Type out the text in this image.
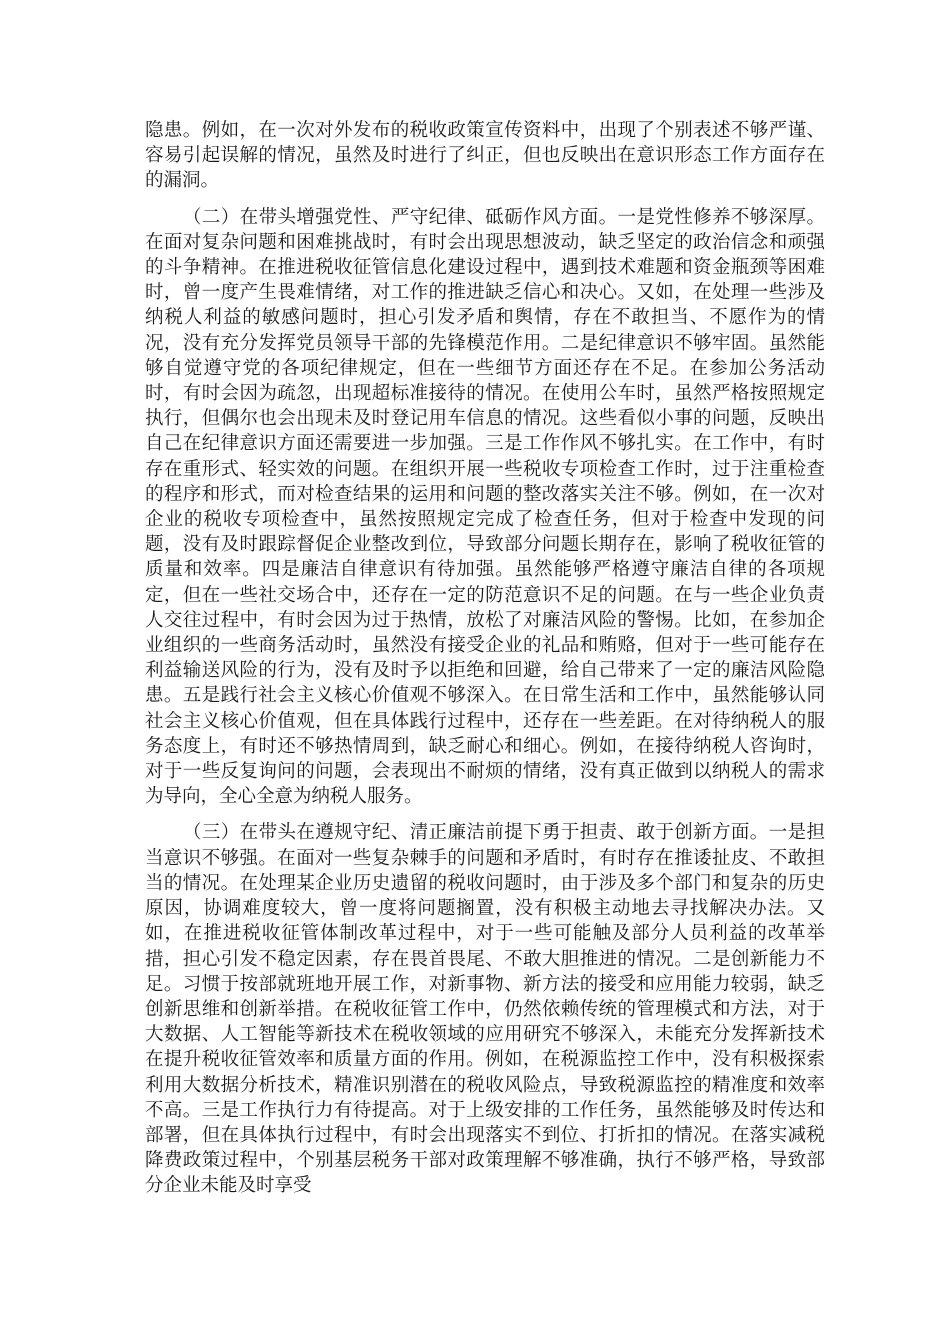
隐患。例如，在一次对外发布的税收政策宣传资料中，出现了个别表述不够严谨、容易引起误解的情况，虽然及时进行了纠正，但也反映出在意识形态工作方面存在的漏洞。

（二）在带头增强党性、严守纪律、砥砺作风方面。一是党性修养不够深厚。在面对复杂问题和困难挑战时，有时会出现思想波动，缺乏坚定的政治信念和顽强的斗争精神。在推进税收征管信息化建设过程中，遇到技术难题和资金瓶颈等困难时，曾一度产生畏难情绪，对工作的推进缺乏信心和决心。又如，在处理一些涉及纳税人利益的敏感问题时，担心引发矛盾和舆情，存在不敢担当、不愿作为的情况，没有充分发挥党员领导干部的先锋模范作用。二是纪律意识不够牢固。虽然能够自觉遵守党的各项纪律规定，但在一些细节方面还存在不足。在参加公务活动时，有时会因为疏忽，出现超标准接待的情况。在使用公车时，虽然严格按照规定执行，但偶尔也会出现未及时登记用车信息的情况。这些看似小事的问题，反映出自己在纪律意识方面还需要进一步加强。三是工作作风不够扎实。在工作中，有时存在重形式、轻实效的问题。在组织开展一些税收专项检查工作时，过于注重检查的程序和形式，而对检查结果的运用和问题的整改落实关注不够。例如，在一次对企业的税收专项检查中，虽然按照规定完成了检查任务，但对于检查中发现的问题，没有及时跟踪督促企业整改到位，导致部分问题长期存在，影响了税收征管的质量和效率。四是廉洁自律意识有待加强。虽然能够严格遵守廉洁自律的各项规定，但在一些社交场合中，还存在一定的防范意识不足的问题。在与一些企业负责人交往过程中，有时会因为过于热情，放松了对廉洁风险的警惕。比如，在参加企业组织的一些商务活动时，虽然没有接受企业的礼品和贿赂，但对于一些可能存在利益输送风险的行为，没有及时予以拒绝和回避，给自己带来了一定的廉洁风险隐患。五是践行社会主义核心价值观不够深入。在日常生活和工作中，虽然能够认同社会主义核心价值观，但在具体践行过程中，还存在一些差距。在对待纳税人的服务态度上，有时还不够热情周到，缺乏耐心和细心。例如，在接待纳税人咨询时，对于一些反复询问的问题，会表现出不耐烦的情绪，没有真正做到以纳税人的需求为导向，全心全意为纳税人服务。

（三）在带头在遵规守纪、清正廉洁前提下勇于担责、敢于创新方面。一是担当意识不够强。在面对一些复杂棘手的问题和矛盾时，有时存在推诿扯皮、不敢担当的情况。在处理某企业历史遗留的税收问题时，由于涉及多个部门和复杂的历史原因，协调难度较大，曾一度将问题搁置，没有积极主动地去寻找解决办法。又如，在推进税收征管体制改革过程中，对于一些可能触及部分人员利益的改革举措，担心引发不稳定因素，存在畏首畏尾、不敢大胆推进的情况。二是创新能力不足。习惯于按部就班地开展工作，对新事物、新方法的接受和应用能力较弱，缺乏创新思维和创新举措。在税收征管工作中，仍然依赖传统的管理模式和方法，对于大数据、人工智能等新技术在税收领域的应用研究不够深入，未能充分发挥新技术在提升税收征管效率和质量方面的作用。例如，在税源监控工作中，没有积极探索利用大数据分析技术，精准识别潜在的税收风险点，导致税源监控的精准度和效率不高。三是工作执行力有待提高。对于上级安排的工作任务，虽然能够及时传达和部署，但在具体执行过程中，有时会出现落实不到位、打折扣的情况。在落实减税降费政策过程中，个别基层税务干部对政策理解不够准确，执行不够严格，导致部分企业未能及时享受
